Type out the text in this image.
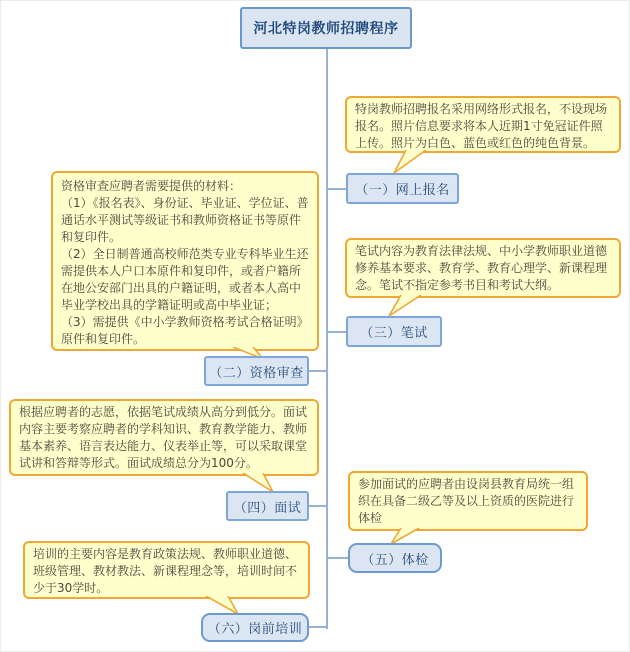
河北特岗教师招聘程序
（一）网上报名
（二）资格审查
（三）笔试
（四）面试
（五）体检
（六）岗前培训

特岗教师招聘报名采用网络形式报名，不设现场报名。照片信息要求将本人近期1寸免冠证件照上传。照片为白色、蓝色或红色的纯色背景。

资格审查应聘者需要提供的材料：

（1）《报名表》、身份证、毕业证、学位证、普通话水平测试等级证书和教师资格证书等原件和复印件。

（2）全日制普通高校师范类专业专科毕业生还需提供本人户口本原件和复印件，或者户籍所在地公安部门出具的户籍证明，或者本人高中毕业学校出具的学籍证明或高中毕业证；

（3）需提供《中小学教师资格考试合格证明》原件和复印件。

笔试内容为教育法律法规、中小学教师职业道德修养基本要求、教育学、教育心理学、新课程理念。笔试不指定参考书目和考试大纲。

根据应聘者的志愿，依据笔试成绩从高分到低分。面试内容主要考察应聘者的学科知识、教育教学能力、教师基本素养、语言表达能力、仪表举止等，可以采取课堂试讲和答辩等形式。面试成绩总分为100分。

参加面试的应聘者由设岗县教育局统一组织在具备二级乙等及以上资质的医院进行体检

培训的主要内容是教育政策法规、教师职业道德、班级管理、教材教法、新课程理念等，培训时间不少于30学时。
